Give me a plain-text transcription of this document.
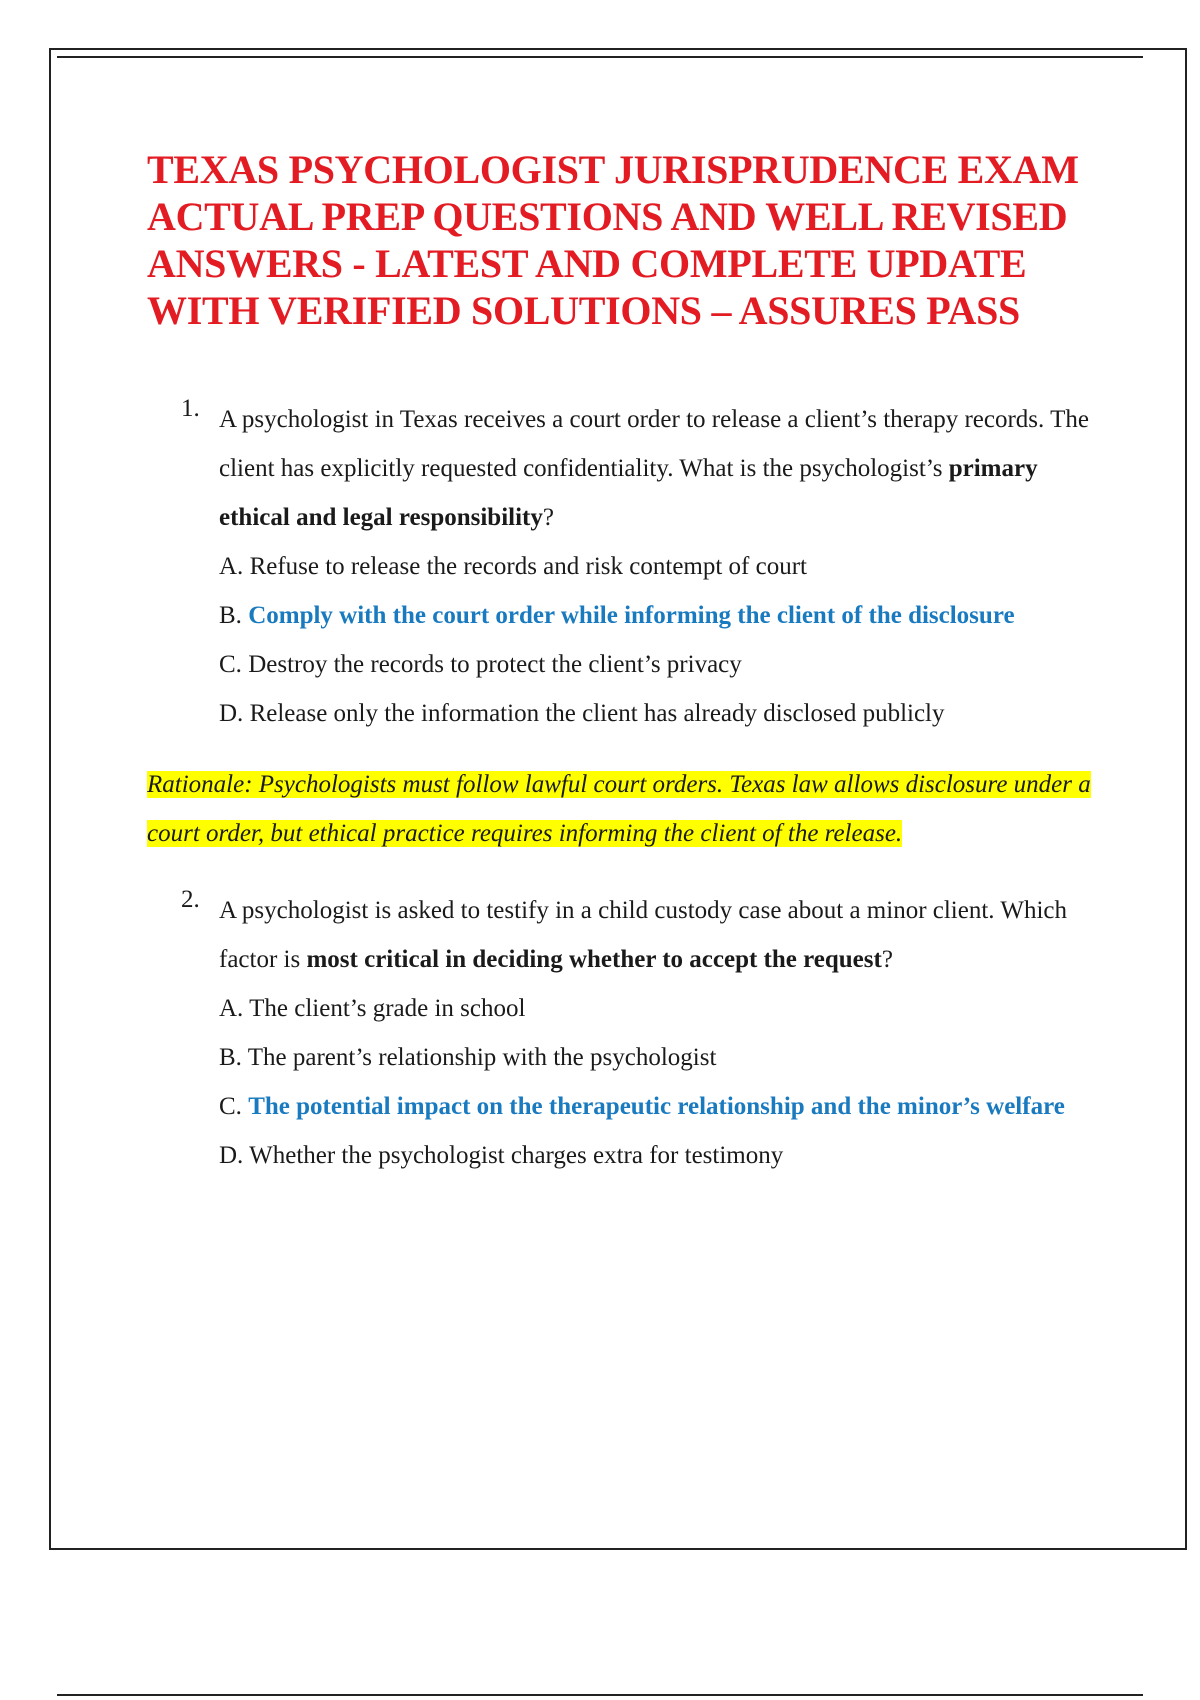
TEXAS PSYCHOLOGIST JURISPRUDENCE EXAM ACTUAL PREP QUESTIONS AND WELL REVISED ANSWERS - LATEST AND COMPLETE UPDATE WITH VERIFIED SOLUTIONS – ASSURES PASS
1. A psychologist in Texas receives a court order to release a client’s therapy records. The client has explicitly requested confidentiality. What is the psychologist’s primary ethical and legal responsibility?

A. Refuse to release the records and risk contempt of court

B. Comply with the court order while informing the client of the disclosure

C. Destroy the records to protect the client’s privacy

D. Release only the information the client has already disclosed publicly

Rationale: Psychologists must follow lawful court orders. Texas law allows disclosure under a court order, but ethical practice requires informing the client of the release.

2. A psychologist is asked to testify in a child custody case about a minor client. Which factor is most critical in deciding whether to accept the request?

A. The client’s grade in school

B. The parent’s relationship with the psychologist

C. The potential impact on the therapeutic relationship and the minor’s welfare

D. Whether the psychologist charges extra for testimony
